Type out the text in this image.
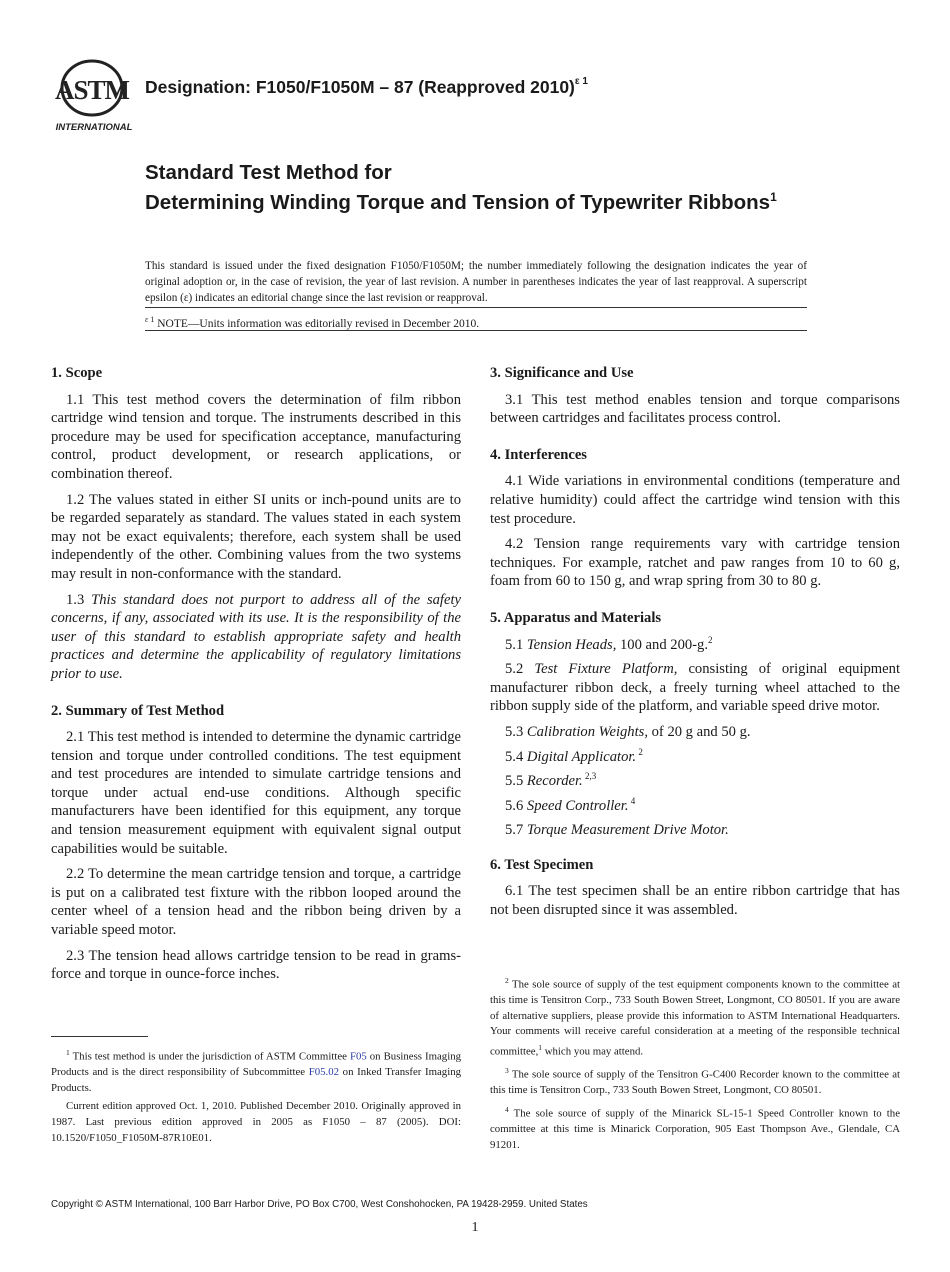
ASTM
INTERNATIONAL
Designation: F1050/F1050M – 87 (Reapproved 2010)$^{\varepsilon 1}$
Standard Test Method for
Determining Winding Torque and Tension of Typewriter Ribbons$^1$
This standard is issued under the fixed designation F1050/F1050M; the number immediately following the designation indicates the year of original adoption or, in the case of revision, the year of last revision. A number in parentheses indicates the year of last reapproval. A superscript epsilon (ε) indicates an editorial change since the last revision or reapproval.
$^{\varepsilon 1}$ NOTE—Units information was editorially revised in December 2010.
1. Scope

1.1 This test method covers the determination of film ribbon cartridge wind tension and torque. The instruments described in this procedure may be used for specification acceptance, manufacturing control, product development, or research applications, or combination thereof.

1.2 The values stated in either SI units or inch-pound units are to be regarded separately as standard. The values stated in each system may not be exact equivalents; therefore, each system shall be used independently of the other. Combining values from the two systems may result in non-conformance with the standard.

1.3 This standard does not purport to address all of the safety concerns, if any, associated with its use. It is the responsibility of the user of this standard to establish appropriate safety and health practices and determine the applicability of regulatory limitations prior to use.

2. Summary of Test Method

2.1 This test method is intended to determine the dynamic cartridge tension and torque under controlled conditions. The test equipment and test procedures are intended to simulate cartridge tensions and torque under actual end-use conditions. Although specific manufacturers have been identified for this equipment, any torque and tension measurement equipment with equivalent signal output capabilities would be suitable.

2.2 To determine the mean cartridge tension and torque, a cartridge is put on a calibrated test fixture with the ribbon looped around the center wheel of a tension head and the ribbon being driven by a variable speed motor.

2.3 The tension head allows cartridge tension to be read in grams-force and torque in ounce-force inches.

3. Significance and Use

3.1 This test method enables tension and torque comparisons between cartridges and facilitates process control.

4. Interferences

4.1 Wide variations in environmental conditions (temperature and relative humidity) could affect the cartridge wind tension with this test procedure.

4.2 Tension range requirements vary with cartridge tension techniques. For example, ratchet and paw ranges from 10 to 60 g, foam from 60 to 150 g, and wrap spring from 30 to 80 g.

5. Apparatus and Materials

5.1 Tension Heads, 100 and 200-g.$^2$

5.2 Test Fixture Platform, consisting of original equipment manufacturer ribbon deck, a freely turning wheel attached to the ribbon supply side of the platform, and variable speed drive motor.

5.3 Calibration Weights, of 20 g and 50 g.

5.4 Digital Applicator. $^2$

5.5 Recorder. $^{2,3}$

5.6 Speed Controller. $^4$

5.7 Torque Measurement Drive Motor.

6. Test Specimen

6.1 The test specimen shall be an entire ribbon cartridge that has not been disrupted since it was assembled.

$^1$ This test method is under the jurisdiction of ASTM Committee F05 on Business Imaging Products and is the direct responsibility of Subcommittee F05.02 on Inked Transfer Imaging Products.

Current edition approved Oct. 1, 2010. Published December 2010. Originally approved in 1987. Last previous edition approved in 2005 as F1050 – 87 (2005). DOI: 10.1520/F1050_F1050M-87R10E01.

$^2$ The sole source of supply of the test equipment components known to the committee at this time is Tensitron Corp., 733 South Bowen Street, Longmont, CO 80501. If you are aware of alternative suppliers, please provide this information to ASTM International Headquarters. Your comments will receive careful consideration at a meeting of the responsible technical committee,$^1$ which you may attend.

$^3$ The sole source of supply of the Tensitron G-C400 Recorder known to the committee at this time is Tensitron Corp., 733 South Bowen Street, Longmont, CO 80501.

$^4$ The sole source of supply of the Minarick SL-15-1 Speed Controller known to the committee at this time is Minarick Corporation, 905 East Thompson Ave., Glendale, CA 91201.

Copyright © ASTM International, 100 Barr Harbor Drive, PO Box C700, West Conshohocken, PA 19428-2959. United States
1
